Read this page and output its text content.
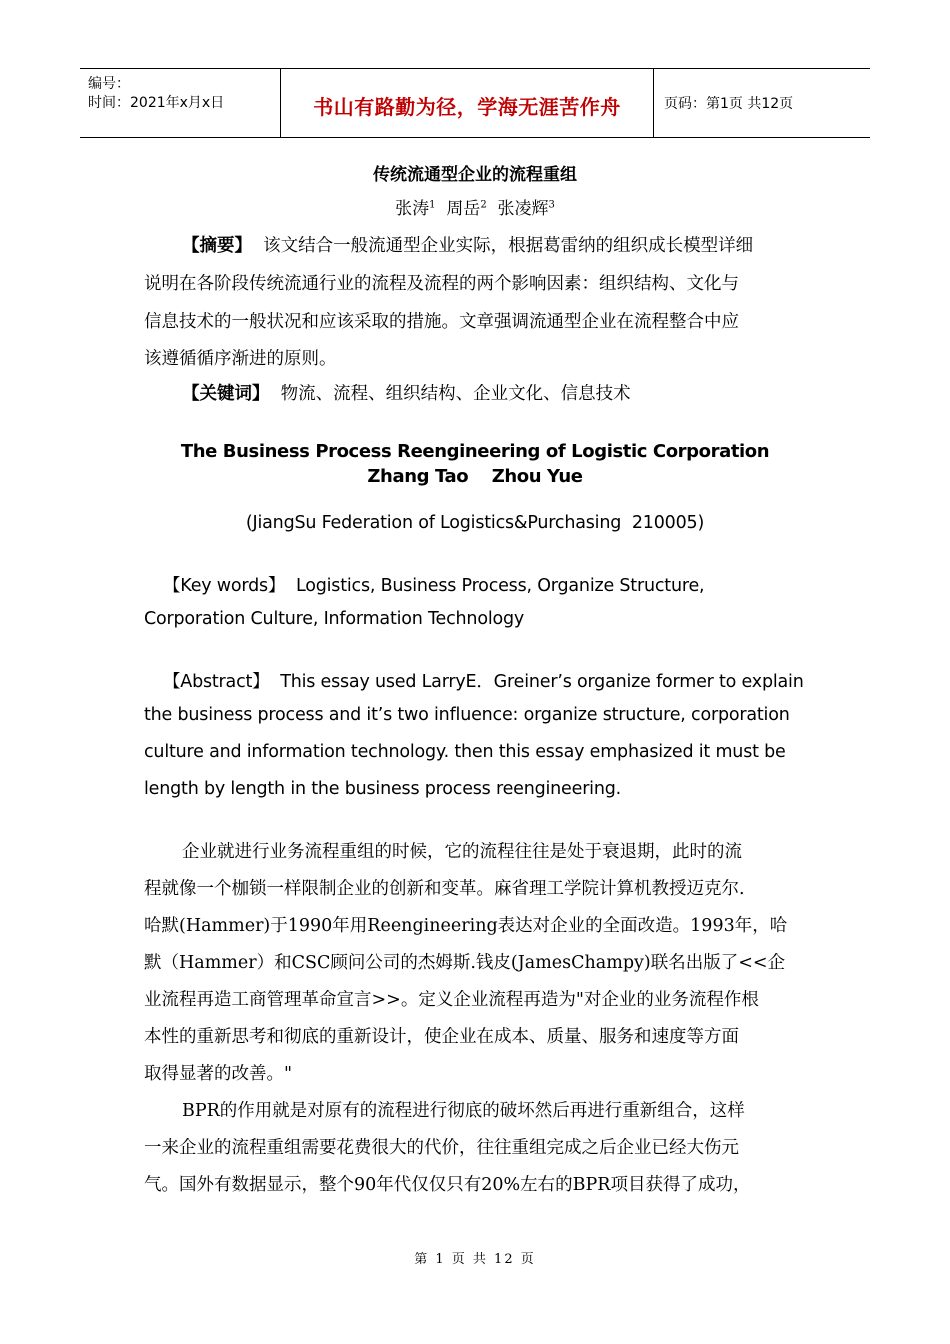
编号：
时间：2021年x月x日	书山有路勤为径，学海无涯苦作舟	页码：第1页 共12页
传统流通型企业的流程重组
张涛$^1$ 周岳$^2$ 张凌辉$^3$
【摘要】 该文结合一般流通型企业实际，根据葛雷纳的组织成长模型详细
说明在各阶段传统流通行业的流程及流程的两个影响因素：组织结构、文化与
信息技术的一般状况和应该采取的措施。文章强调流通型企业在流程整合中应
该遵循循序渐进的原则。
【关键词】 物流、流程、组织结构、企业文化、信息技术
The Business Process Reengineering of Logistic Corporation
Zhang Tao    Zhou Yue
(JiangSu Federation of Logistics&Purchasing  210005)
【Key words】 Logistics, Business Process, Organize Structure,
Corporation Culture, Information Technology
【Abstract】 This essay used LarryE．Greiner’s organize former to explain
the business process and it’s two influence: organize structure, corporation
culture and information technology. then this essay emphasized it must be
length by length in the business process reengineering.
企业就进行业务流程重组的时候，它的流程往往是处于衰退期，此时的流
程就像一个枷锁一样限制企业的创新和变革。麻省理工学院计算机教授迈克尔.
哈默(Hammer)于1990年用Reengineering表达对企业的全面改造。1993年，哈
默（Hammer）和CSC顾问公司的杰姆斯.钱皮(JamesChampy)联名出版了<<企
业流程再造工商管理革命宣言>>。定义企业流程再造为"对企业的业务流程作根
本性的重新思考和彻底的重新设计，使企业在成本、质量、服务和速度等方面
取得显著的改善。"
BPR的作用就是对原有的流程进行彻底的破坏然后再进行重新组合，这样
一来企业的流程重组需要花费很大的代价，往往重组完成之后企业已经大伤元
气。国外有数据显示，整个90年代仅仅只有20%左右的BPR项目获得了成功，
第 1 页 共 12 页
